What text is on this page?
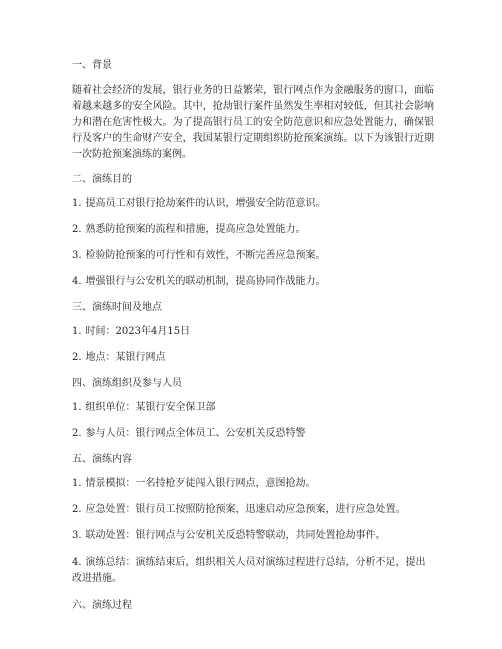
一、背景
随着社会经济的发展，银行业务的日益繁荣，银行网点作为金融服务的窗口，面临着越来越多的安全风险。其中，抢劫银行案件虽然发生率相对较低，但其社会影响力和潜在危害性极大。为了提高银行员工的安全防范意识和应急处置能力，确保银行及客户的生命财产安全，我国某银行定期组织防抢预案演练。以下为该银行近期一次防抢预案演练的案例。
二、演练目的
1. 提高员工对银行抢劫案件的认识，增强安全防范意识。
2. 熟悉防抢预案的流程和措施，提高应急处置能力。
3. 检验防抢预案的可行性和有效性，不断完善应急预案。
4. 增强银行与公安机关的联动机制，提高协同作战能力。
三、演练时间及地点
1. 时间：2023年4月15日
2. 地点：某银行网点
四、演练组织及参与人员
1. 组织单位：某银行安全保卫部
2. 参与人员：银行网点全体员工、公安机关反恐特警
五、演练内容
1. 情景模拟：一名持枪歹徒闯入银行网点，意图抢劫。
2. 应急处置：银行员工按照防抢预案，迅速启动应急预案，进行应急处置。
3. 联动处置：银行网点与公安机关反恐特警联动，共同处置抢劫事件。
4. 演练总结：演练结束后，组织相关人员对演练过程进行总结，分析不足，提出改进措施。
六、演练过程
